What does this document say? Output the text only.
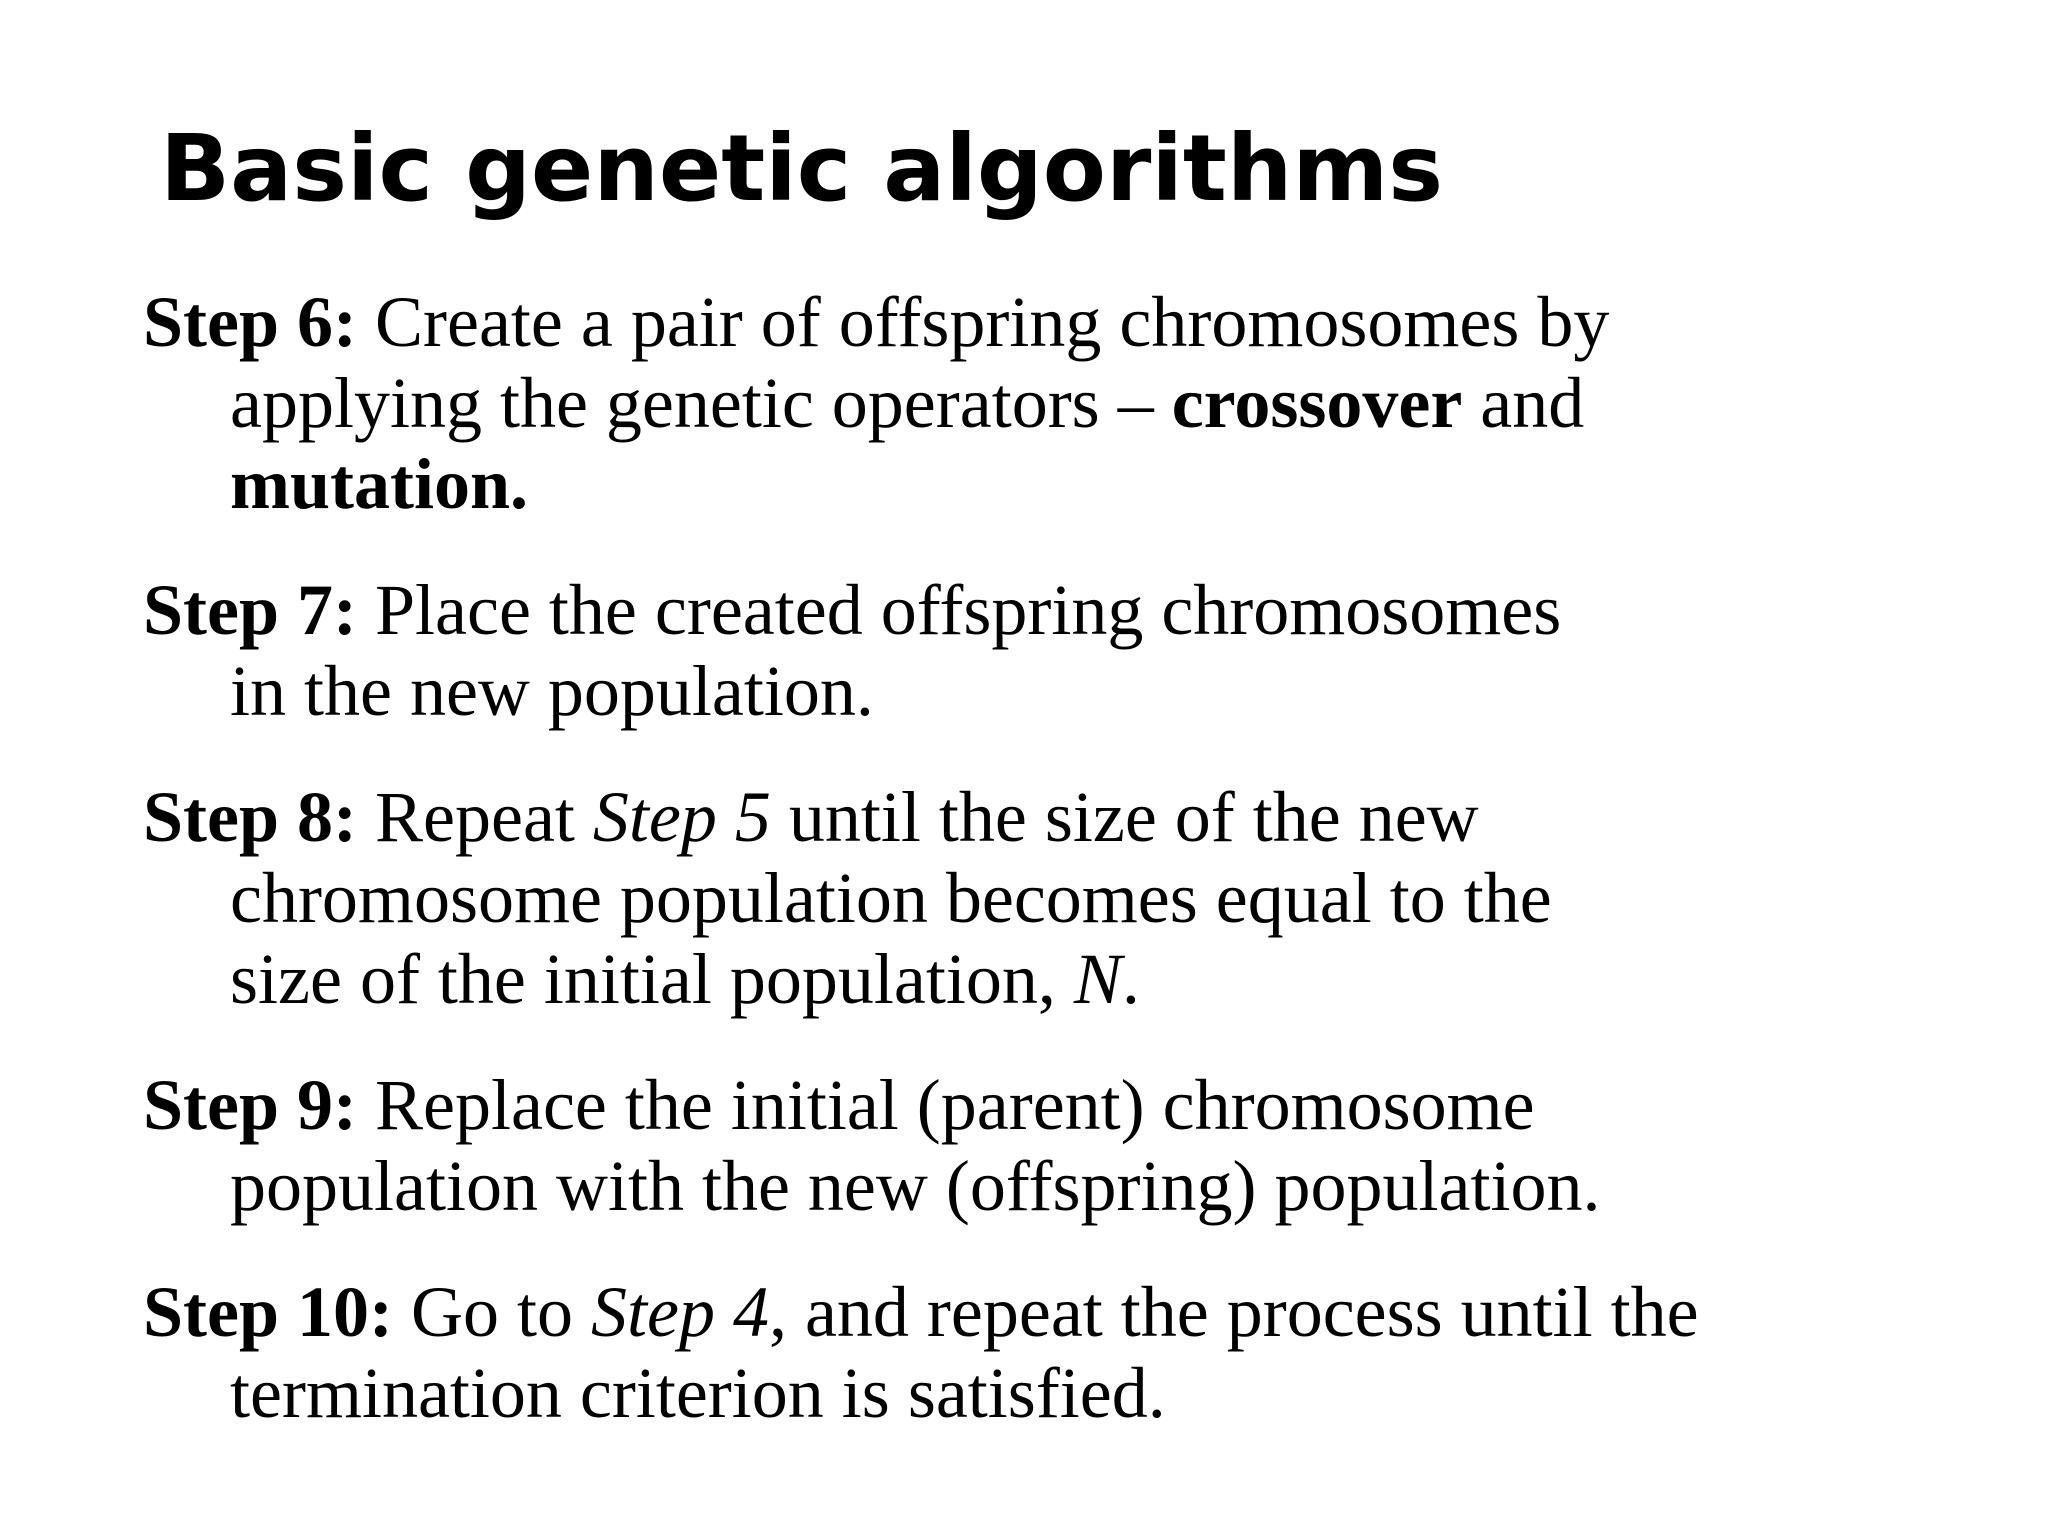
Basic genetic algorithms

Step 6: Create a pair of offspring chromosomes by
applying the genetic operators – crossover and
mutation.

Step 7: Place the created offspring chromosomes
in the new population.

Step 8: Repeat Step 5 until the size of the new
chromosome population becomes equal to the
size of the initial population, N.

Step 9: Replace the initial (parent) chromosome
population with the new (offspring) population.

Step 10: Go to Step 4, and repeat the process until the
termination criterion is satisfied.
